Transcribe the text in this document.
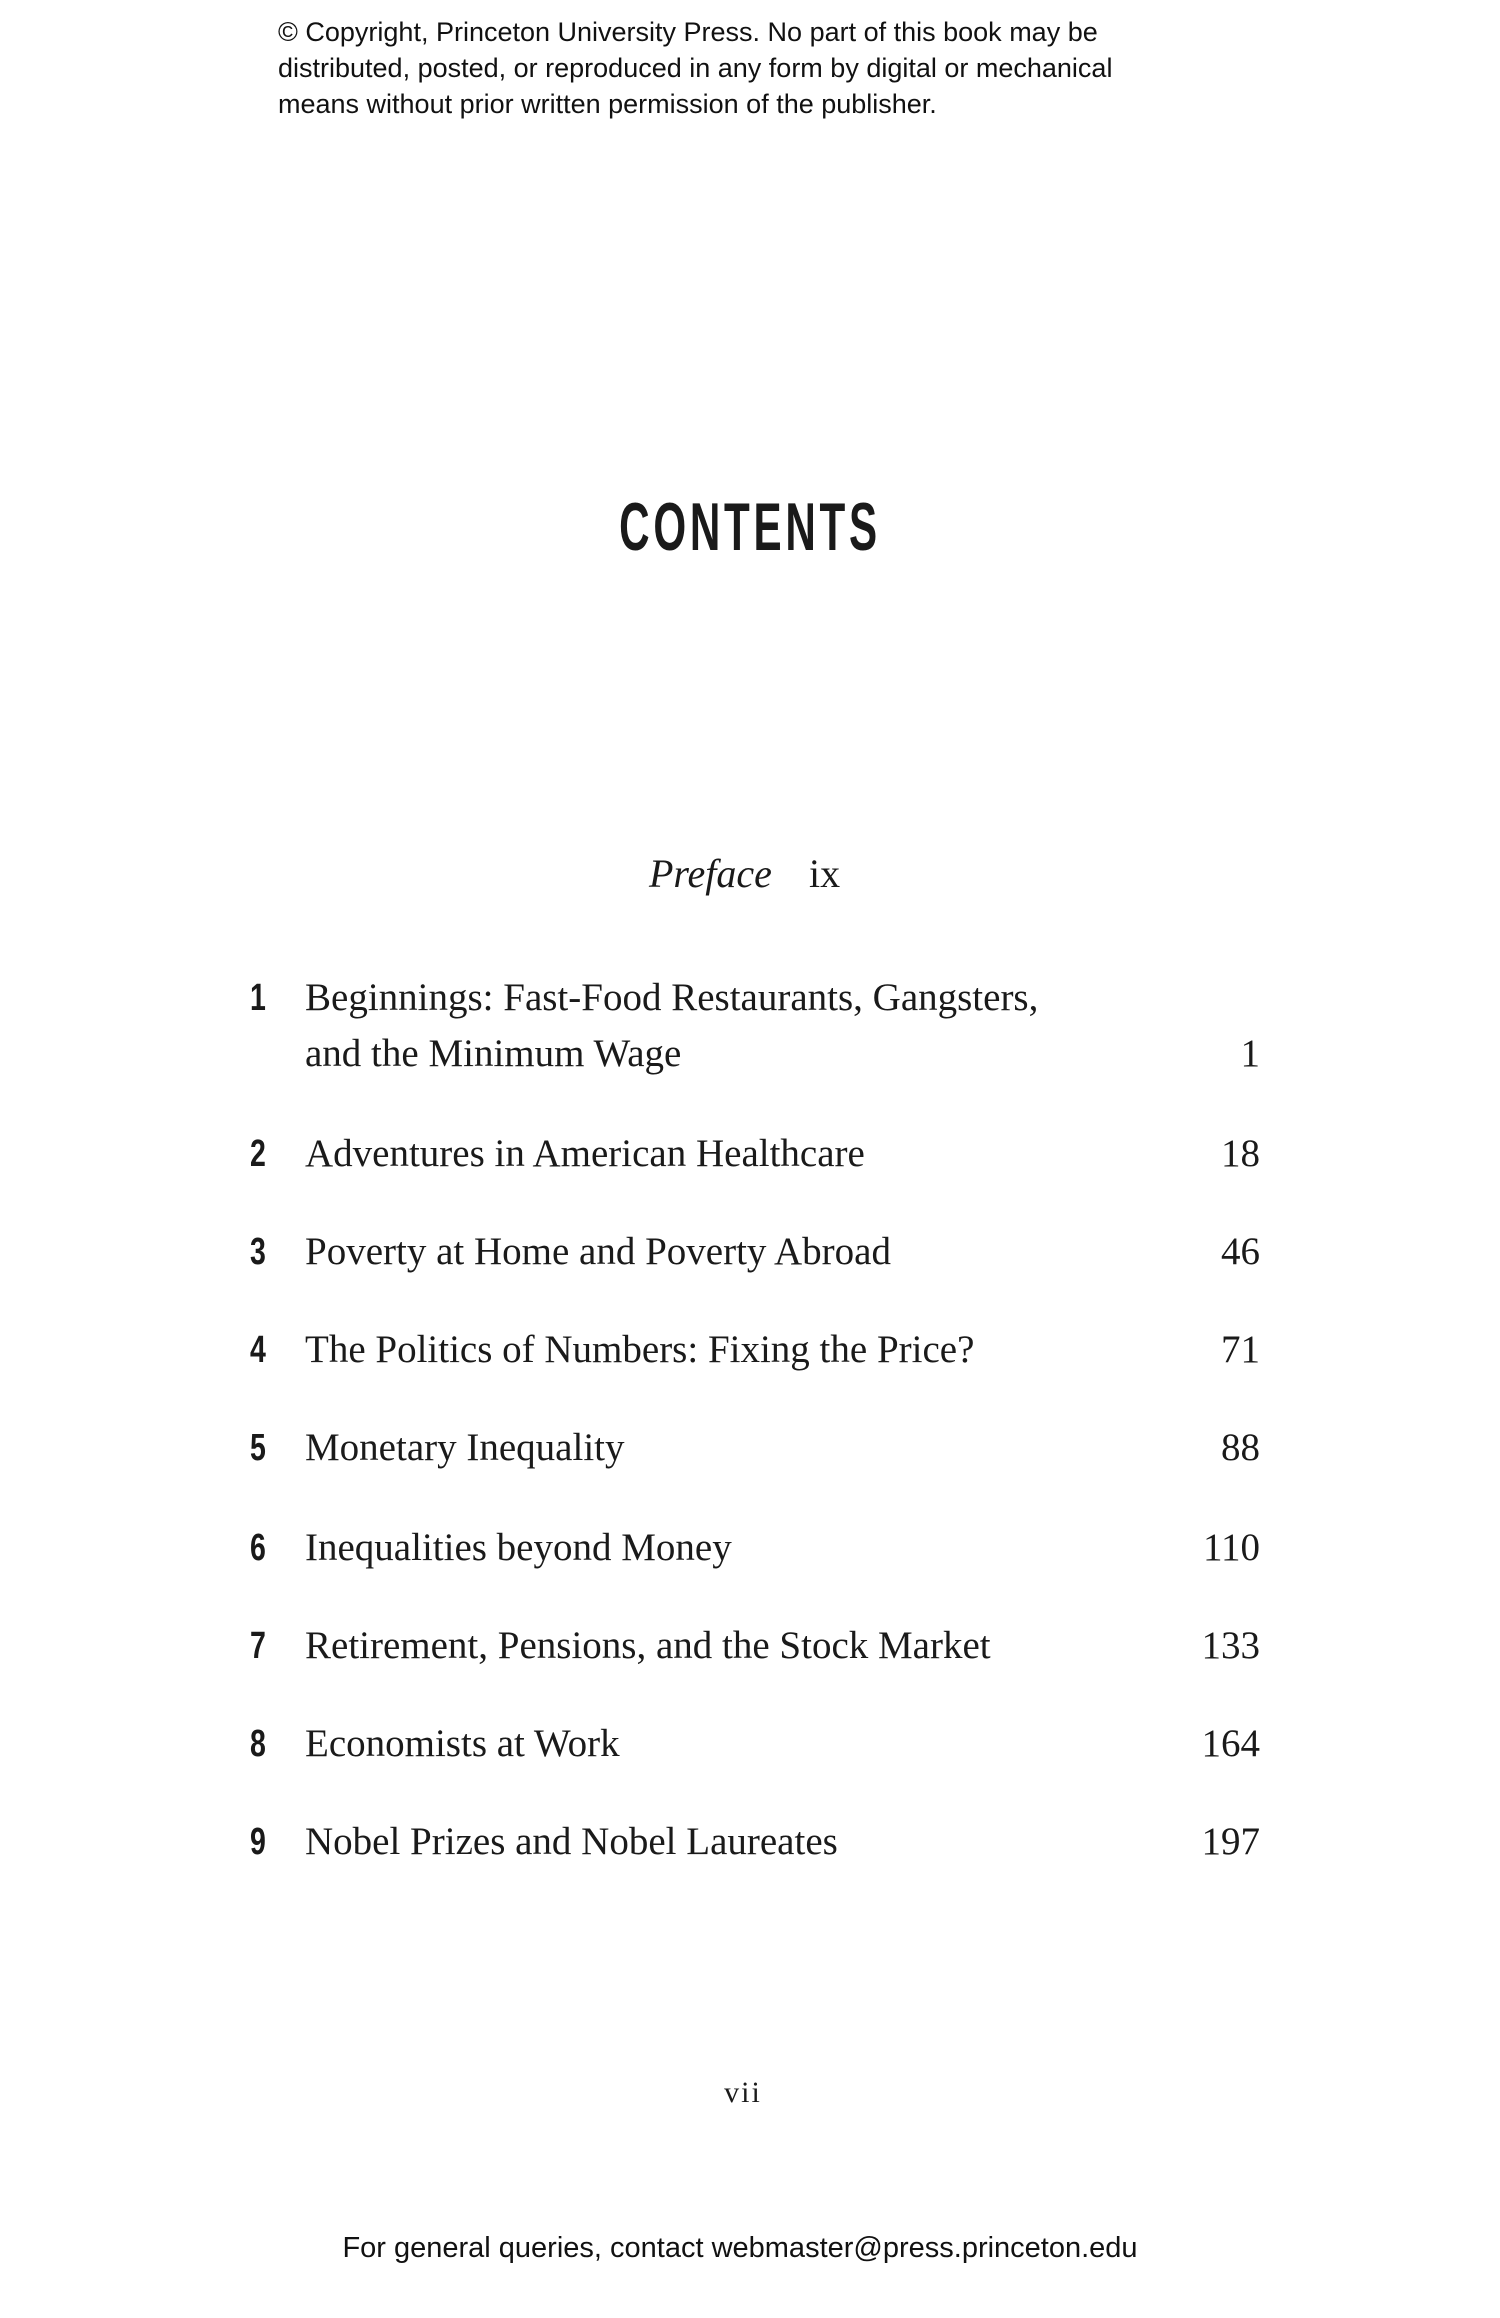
© Copyright, Princeton University Press. No part of this book may be
distributed, posted, or reproduced in any form by digital or mechanical
means without prior written permission of the publisher.
CONTENTS
Preface ix
1 Beginnings: Fast-Food Restaurants, Gangsters,
and the Minimum Wage	1
2 Adventures in American Healthcare	18
3 Poverty at Home and Poverty Abroad	46
4 The Politics of Numbers: Fixing the Price?	71
5 Monetary Inequality	88
6 Inequalities beyond Money	110
7 Retirement, Pensions, and the Stock Market	133
8 Economists at Work	164
9 Nobel Prizes and Nobel Laureates	197
vii
For general queries, contact webmaster@press.princeton.edu
